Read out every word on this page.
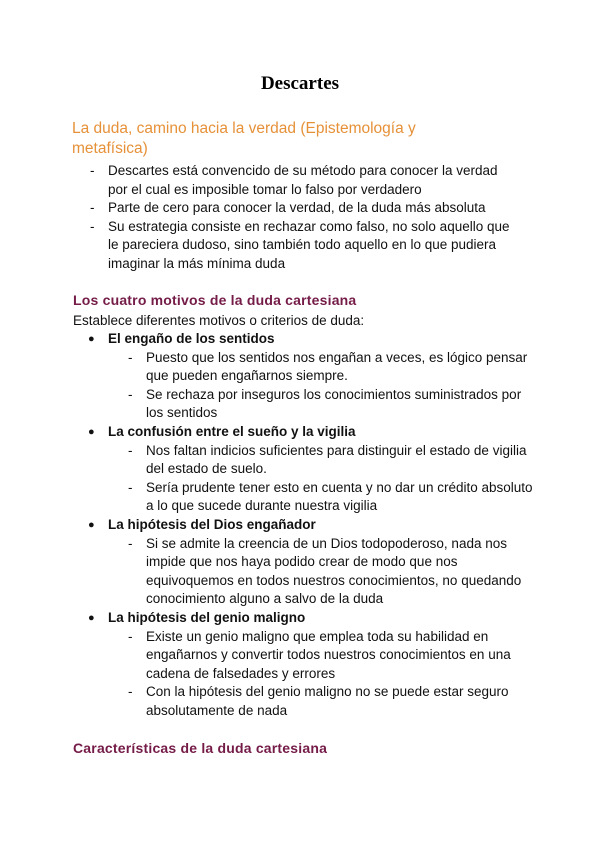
Descartes
La duda, camino hacia la verdad (Epistemología y metafísica)
- Descartes está convencido de su método para conocer la verdad por el cual es imposible tomar lo falso por verdadero
- Parte de cero para conocer la verdad, de la duda más absoluta
- Su estrategia consiste en rechazar como falso, no solo aquello que le pareciera dudoso, sino también todo aquello en lo que pudiera imaginar la más mínima duda
Los cuatro motivos de la duda cartesiana
Establece diferentes motivos o criterios de duda:
● El engaño de los sentidos
- Puesto que los sentidos nos engañan a veces, es lógico pensar que pueden engañarnos siempre.
- Se rechaza por inseguros los conocimientos suministrados por los sentidos
● La confusión entre el sueño y la vigilia
- Nos faltan indicios suficientes para distinguir el estado de vigilia del estado de suelo.
- Sería prudente tener esto en cuenta y no dar un crédito absoluto a lo que sucede durante nuestra vigilia
● La hipótesis del Dios engañador
- Si se admite la creencia de un Dios todopoderoso, nada nos impide que nos haya podido crear de modo que nos equivoquemos en todos nuestros conocimientos, no quedando conocimiento alguno a salvo de la duda
● La hipótesis del genio maligno
- Existe un genio maligno que emplea toda su habilidad en engañarnos y convertir todos nuestros conocimientos en una cadena de falsedades y errores
- Con la hipótesis del genio maligno no se puede estar seguro absolutamente de nada
Características de la duda cartesiana
